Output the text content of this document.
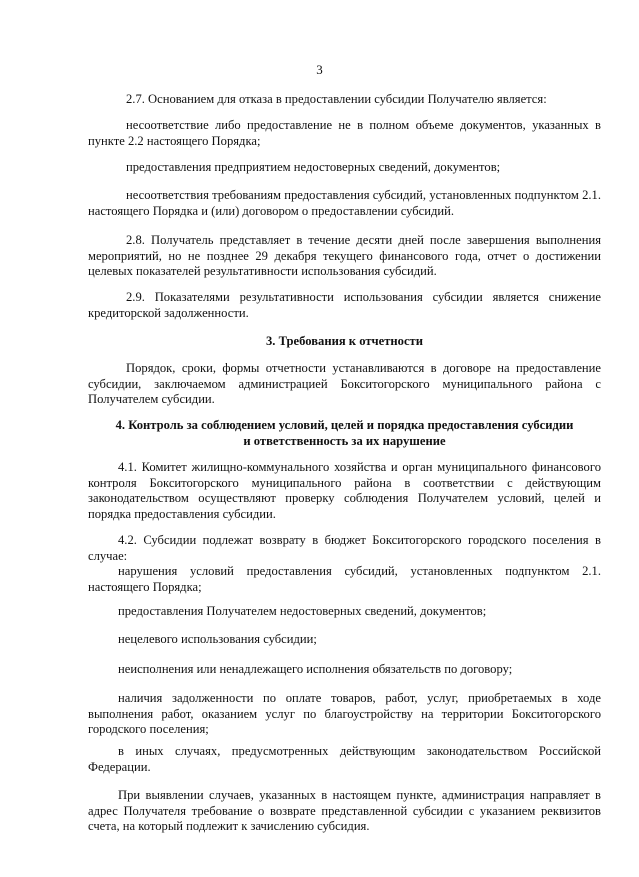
3

2.7. Основанием для отказа в предоставлении субсидии Получателю является:

несоответствие либо предоставление не в полном объеме документов, указанных в пункте 2.2 настоящего Порядка;

предоставления предприятием недостоверных сведений, документов;

несоответствия требованиям предоставления субсидий, установленных подпунктом 2.1. настоящего Порядка и (или) договором о предоставлении субсидий.

2.8. Получатель представляет в течение десяти дней после завершения выполнения мероприятий, но не позднее 29 декабря текущего финансового года, отчет о достижении целевых показателей результативности использования субсидий.

2.9. Показателями результативности использования субсидии является снижение кредиторской задолженности.

3. Требования к отчетности

Порядок, сроки, формы отчетности устанавливаются в договоре на предоставление субсидии, заключаемом администрацией Бокситогорского муниципального района с Получателем субсидии.

4. Контроль за соблюдением условий, целей и порядка предоставления субсидии
и ответственность за их нарушение

4.1. Комитет жилищно-коммунального хозяйства и орган муниципального финансового контроля Бокситогорского муниципального района в соответствии с действующим законодательством осуществляют проверку соблюдения Получателем условий, целей и порядка предоставления субсидии.

4.2. Субсидии подлежат возврату в бюджет Бокситогорского городского поселения в случае:

нарушения условий предоставления субсидий, установленных подпунктом 2.1. настоящего Порядка;

предоставления Получателем недостоверных сведений, документов;

нецелевого использования субсидии;

неисполнения или ненадлежащего исполнения обязательств по договору;

наличия задолженности по оплате товаров, работ, услуг, приобретаемых в ходе выполнения работ, оказанием услуг по благоустройству на территории Бокситогорского городского поселения;

в иных случаях, предусмотренных действующим законодательством Российской Федерации.

При выявлении случаев, указанных в настоящем пункте, администрация направляет в адрес Получателя требование о возврате представленной субсидии с указанием реквизитов счета, на который подлежит к зачислению субсидия.
